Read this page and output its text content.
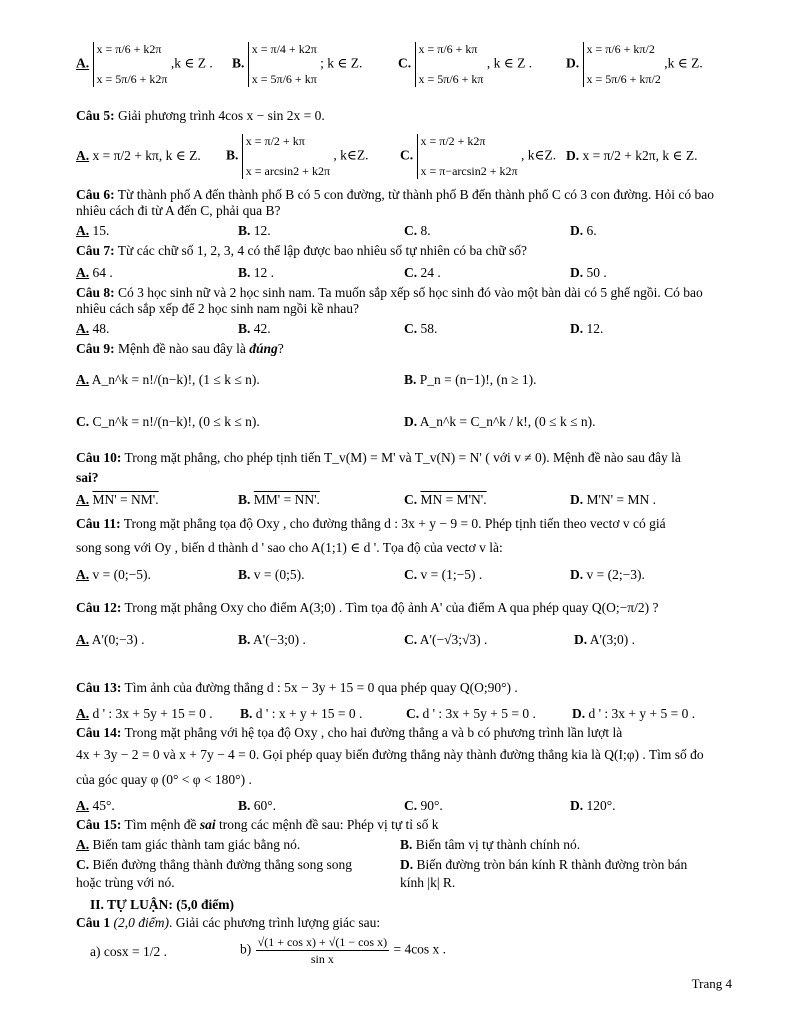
A. x = π/6 + k2π

x = 5π/6 + k2π ,k ∈ Z . B. x = π/4 + k2π

x = 5π/6 + kπ ; k ∈ Z.	C. x = π/6 + kπ

x = 5π/6 + kπ , k ∈ Z .	D. x = π/6 + kπ/2

x = 5π/6 + kπ/2 ,k ∈ Z.
Câu 5: Giải phương trình 4cos x − sin 2x = 0.
A. x = π/2 + kπ, k ∈ Z. B. x = π/2 + kπ

x = arcsin2 + k2π , k∈Z. C. x = π/2 + k2π

x = π−arcsin2 + k2π , k∈Z. D. x = π/2 + k2π, k ∈ Z.
Câu 6: Từ thành phố A đến thành phố B có 5 con đường, từ thành phố B đến thành phố C có 3 con đường. Hỏi có bao nhiêu cách đi từ A đến C, phải qua B?
A. 15.	B. 12.	C. 8.	D. 6.
Câu 7: Từ các chữ số 1, 2, 3, 4 có thể lập được bao nhiêu số tự nhiên có ba chữ số?
A. 64 .	B. 12 .	C. 24 .	D. 50 .
Câu 8: Có 3 học sinh nữ và 2 học sinh nam. Ta muốn sắp xếp số học sinh đó vào một bàn dài có 5 ghế ngồi. Có bao nhiêu cách sắp xếp để 2 học sinh nam ngồi kề nhau?
A. 48.	B. 42.	C. 58.	D. 12.
Câu 9: Mệnh đề nào sau đây là đúng?
A. A_n^k = n!/(n−k)!, (1 ≤ k ≤ n).	B. P_n = (n−1)!, (n ≥ 1).
C. C_n^k = n!/(n−k)!, (0 ≤ k ≤ n).	D. A_n^k = C_n^k / k!, (0 ≤ k ≤ n).
Câu 10: Trong mặt phẳng, cho phép tịnh tiến T_v(M) = M' và T_v(N) = N' ( với v ≠ 0). Mệnh đề nào sau đây là
sai?
A. MN' = NM'.	B. MM' = NN'.	C. MN = M'N'.	D. M'N' = MN .
Câu 11: Trong mặt phẳng tọa độ Oxy , cho đường thẳng d : 3x + y − 9 = 0. Phép tịnh tiến theo vectơ v có giá
song song với Oy , biến d thành d ' sao cho A(1;1) ∈ d '. Tọa độ của vectơ v là:
A. v = (0;−5).	B. v = (0;5).	C. v = (1;−5) .	D. v = (2;−3).
Câu 12: Trong mặt phẳng Oxy cho điểm A(3;0) . Tìm tọa độ ảnh A' của điểm A qua phép quay Q(O;−π/2) ?
A. A'(0;−3) .	B. A'(−3;0) .	C. A'(−√3;√3) .	D. A'(3;0) .
Câu 13: Tìm ảnh của đường thẳng d : 5x − 3y + 15 = 0 qua phép quay Q(O;90°) .
A. d ' : 3x + 5y + 15 = 0 . B. d ' : x + y + 15 = 0 .	C. d ' : 3x + 5y + 5 = 0 .	D. d ' : 3x + y + 5 = 0 .
Câu 14: Trong mặt phẳng với hệ tọa độ Oxy , cho hai đường thẳng a và b có phương trình lần lượt là
4x + 3y − 2 = 0 và x + 7y − 4 = 0. Gọi phép quay biến đường thẳng này thành đường thẳng kia là Q(I;φ) . Tìm số đo
của góc quay φ (0° < φ < 180°) .
A. 45°.	B. 60°.	C. 90°.	D. 120°.
Câu 15: Tìm mệnh đề sai trong các mệnh đề sau: Phép vị tự tỉ số k
A. Biến tam giác thành tam giác bằng nó.	B. Biến tâm vị tự thành chính nó.
C. Biến đường thẳng thành đường thẳng song song
hoặc trùng với nó.
D. Biến đường tròn bán kính R thành đường tròn bán
kính |k| R.
II. TỰ LUẬN: (5,0 điểm)
Câu 1 (2,0 điểm). Giải các phương trình lượng giác sau:
a) cosx = 1/2 .	$b) \frac{\text{√(1 + cos x) + √(1 − cos x)}}{\text{sin x}} = 4\cos$ x .
Trang 4
